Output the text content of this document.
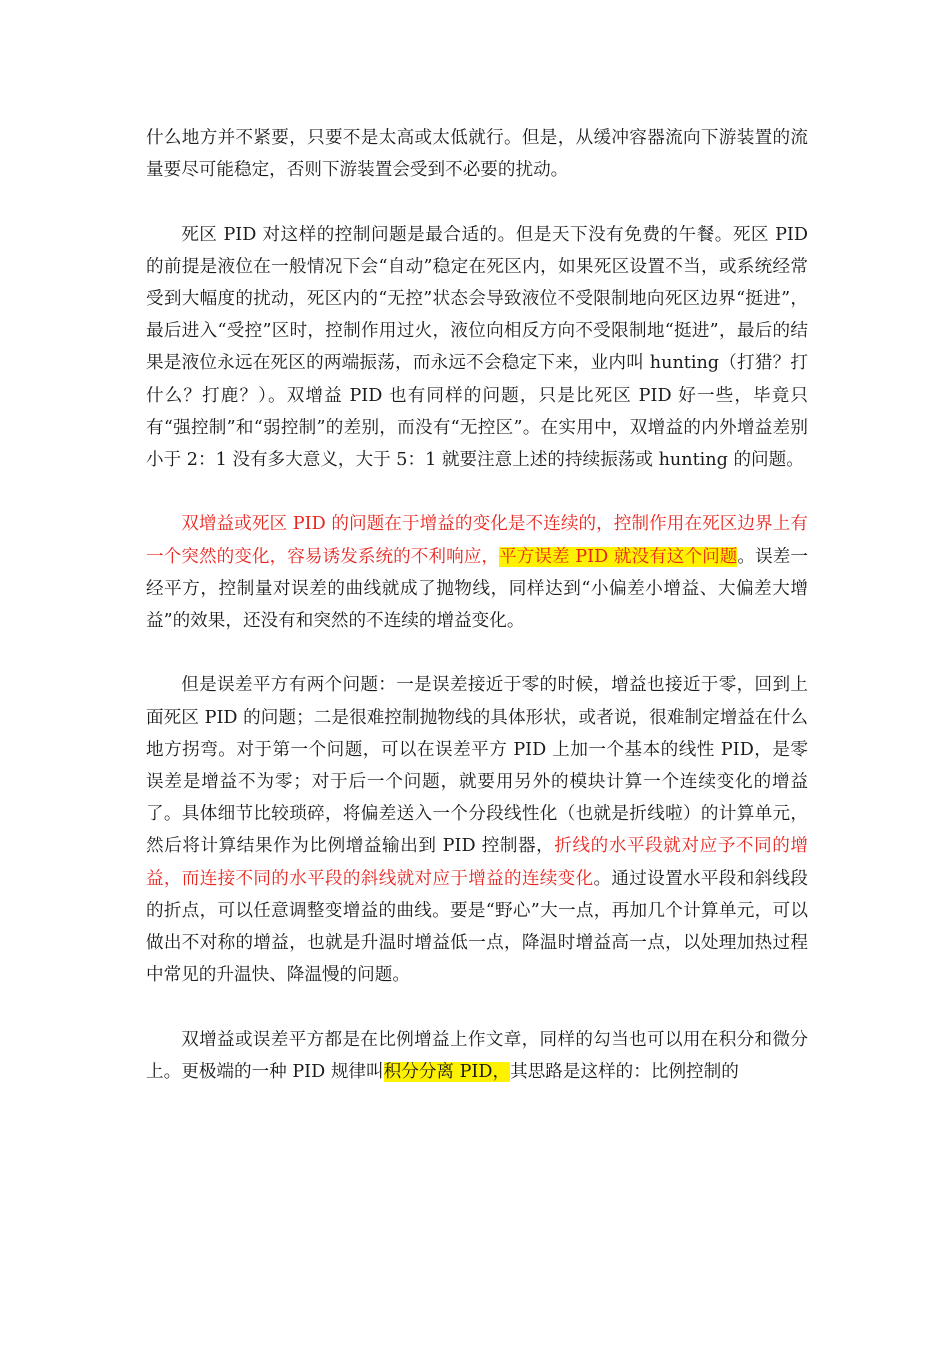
什么地方并不紧要，只要不是太高或太低就行。但是，从缓冲容器流向下游装置的流量要尽可能稳定，否则下游装置会受到不必要的扰动。

死区 PID 对这样的控制问题是最合适的。但是天下没有免费的午餐。死区 PID 的前提是液位在一般情况下会“自动”稳定在死区内，如果死区设置不当，或系统经常受到大幅度的扰动，死区内的“无控”状态会导致液位不受限制地向死区边界“挺进”，最后进入“受控”区时，控制作用过火，液位向相反方向不受限制地“挺进”，最后的结果是液位永远在死区的两端振荡，而永远不会稳定下来，业内叫 hunting（打猎？打什么？打鹿？）。双增益 PID 也有同样的问题，只是比死区 PID 好一些，毕竟只有“强控制”和“弱控制”的差别，而没有“无控区”。在实用中，双增益的内外增益差别小于 2：1 没有多大意义，大于 5：1 就要注意上述的持续振荡或 hunting 的问题。

双增益或死区 PID 的问题在于增益的变化是不连续的，控制作用在死区边界上有一个突然的变化，容易诱发系统的不利响应，平方误差 PID 就没有这个问题。误差一经平方，控制量对误差的曲线就成了抛物线，同样达到“小偏差小增益、大偏差大增益”的效果，还没有和突然的不连续的增益变化。

但是误差平方有两个问题：一是误差接近于零的时候，增益也接近于零，回到上面死区 PID 的问题；二是很难控制抛物线的具体形状，或者说，很难制定增益在什么地方拐弯。对于第一个问题，可以在误差平方 PID 上加一个基本的线性 PID，是零误差是增益不为零；对于后一个问题，就要用另外的模块计算一个连续变化的增益了。具体细节比较琐碎，将偏差送入一个分段线性化（也就是折线啦）的计算单元，然后将计算结果作为比例增益输出到 PID 控制器，折线的水平段就对应予不同的增益，而连接不同的水平段的斜线就对应于增益的连续变化。通过设置水平段和斜线段的折点，可以任意调整变增益的曲线。要是“野心”大一点，再加几个计算单元，可以做出不对称的增益，也就是升温时增益低一点，降温时增益高一点，以处理加热过程中常见的升温快、降温慢的问题。

双增益或误差平方都是在比例增益上作文章，同样的勾当也可以用在积分和微分上。更极端的一种 PID 规律叫积分分离 PID，其思路是这样的：比例控制的
